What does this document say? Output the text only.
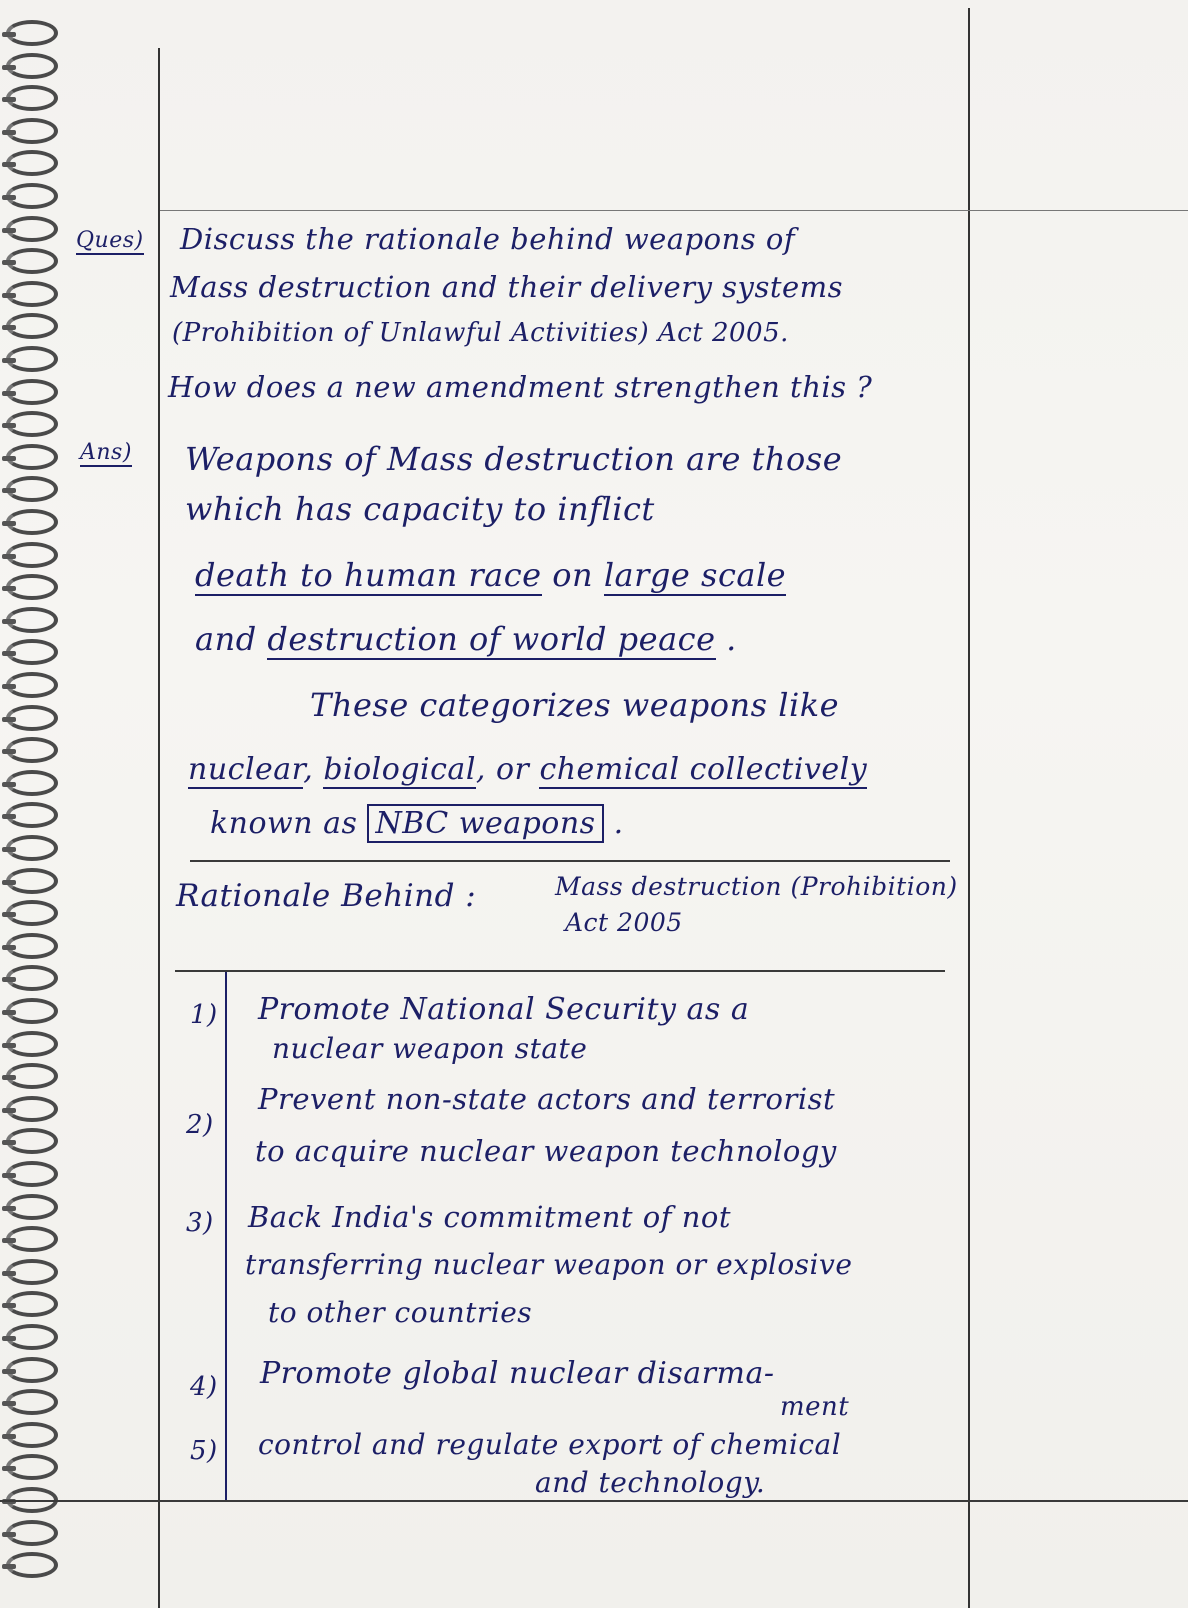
Ques) Discuss the rationale behind weapons of
Mass destruction and their delivery systems
(Prohibition of Unlawful Activities) Act 2005.
How does a new amendment strengthen this ?
Ans) Weapons of Mass destruction are those
which has capacity to inflict
death to human race on large scale
and destruction of world peace .
These categorizes weapons like
nuclear, biological, or chemical collectively
known as NBC weapons .
Rationale Behind :	Mass destruction (Prohibition)
Act 2005
1) Promote National Security as a
nuclear weapon state
2)
Prevent non-state actors and terrorist
to acquire nuclear weapon technology
3) Back India's commitment of not
transferring nuclear weapon or explosive
to other countries
4) Promote global nuclear disarma-
ment
5) control and regulate export of chemical
and technology.
